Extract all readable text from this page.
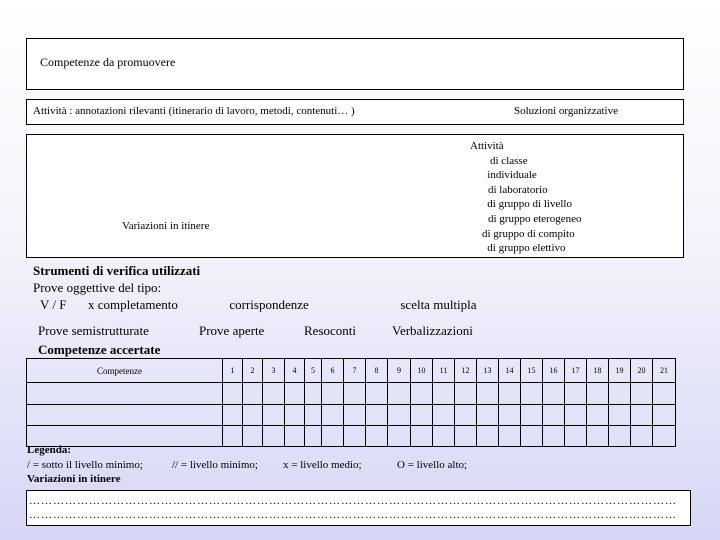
Competenze da promuovere
Attività : annotazioni rilevanti (itinerario di lavoro, metodi, contenuti… )	Soluzioni organizzative
Variazioni in itinere
Attività
di classe
individuale
di laboratorio
di gruppo di livello
di gruppo eterogeneo
di gruppo di compito
di gruppo elettivo
Strumenti di verifica utilizzati
Prove oggettive del tipo:
V / F x completamento	corrispondenze	scelta multipla
Prove semistrutturate	Prove aperte	Resoconti	Verbalizzazioni
Competenze accertate
Competenze	1	2	3	4	5	6	7	8	9	10	11	12	13	14	15	16	17	18	19	20	21

Legenda:
/ = sotto il livello minimo;	// = livello minimo; x = livello medio;	O = livello alto;
Variazioni in itinere
………………………………………………………………………………………………………………………………………………
………………………………………………………………………………………………………………………………………………
